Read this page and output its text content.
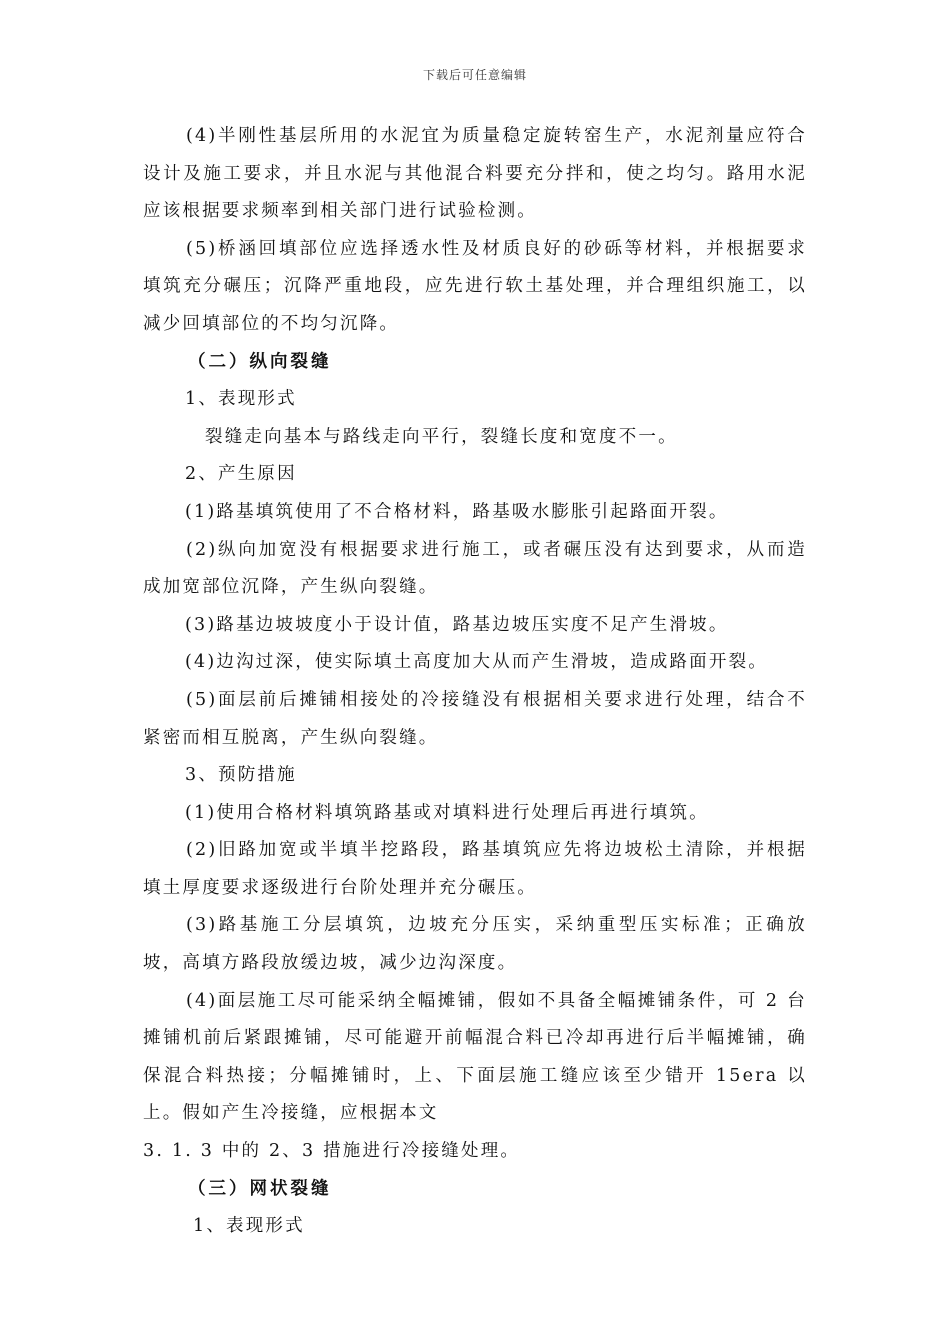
下载后可任意编辑

(4)半刚性基层所用的水泥宜为质量稳定旋转窑生产，水泥剂量应符合设计及施工要求，并且水泥与其他混合料要充分拌和，使之均匀。路用水泥应该根据要求频率到相关部门进行试验检测。

(5)桥涵回填部位应选择透水性及材质良好的砂砾等材料，并根据要求填筑充分碾压；沉降严重地段，应先进行软土基处理，并合理组织施工，以减少回填部位的不均匀沉降。

（二）纵向裂缝

1、表现形式

裂缝走向基本与路线走向平行，裂缝长度和宽度不一。

2、产生原因

(1)路基填筑使用了不合格材料，路基吸水膨胀引起路面开裂。

(2)纵向加宽没有根据要求进行施工，或者碾压没有达到要求，从而造成加宽部位沉降，产生纵向裂缝。

(3)路基边坡坡度小于设计值，路基边坡压实度不足产生滑坡。

(4)边沟过深，使实际填土高度加大从而产生滑坡，造成路面开裂。

(5)面层前后摊铺相接处的冷接缝没有根据相关要求进行处理，结合不紧密而相互脱离，产生纵向裂缝。

3、预防措施

(1)使用合格材料填筑路基或对填料进行处理后再进行填筑。

(2)旧路加宽或半填半挖路段，路基填筑应先将边坡松土清除，并根据填土厚度要求逐级进行台阶处理并充分碾压。

(3)路基施工分层填筑，边坡充分压实，采纳重型压实标准；正确放坡，高填方路段放缓边坡，减少边沟深度。

(4)面层施工尽可能采纳全幅摊铺，假如不具备全幅摊铺条件，可 2 台摊铺机前后紧跟摊铺，尽可能避开前幅混合料已冷却再进行后半幅摊铺，确保混合料热接；分幅摊铺时，上、下面层施工缝应该至少错开 15era 以上。假如产生冷接缝，应根据本文

3. 1. 3 中的 2、3 措施进行冷接缝处理。

（三）网状裂缝

1、表现形式
